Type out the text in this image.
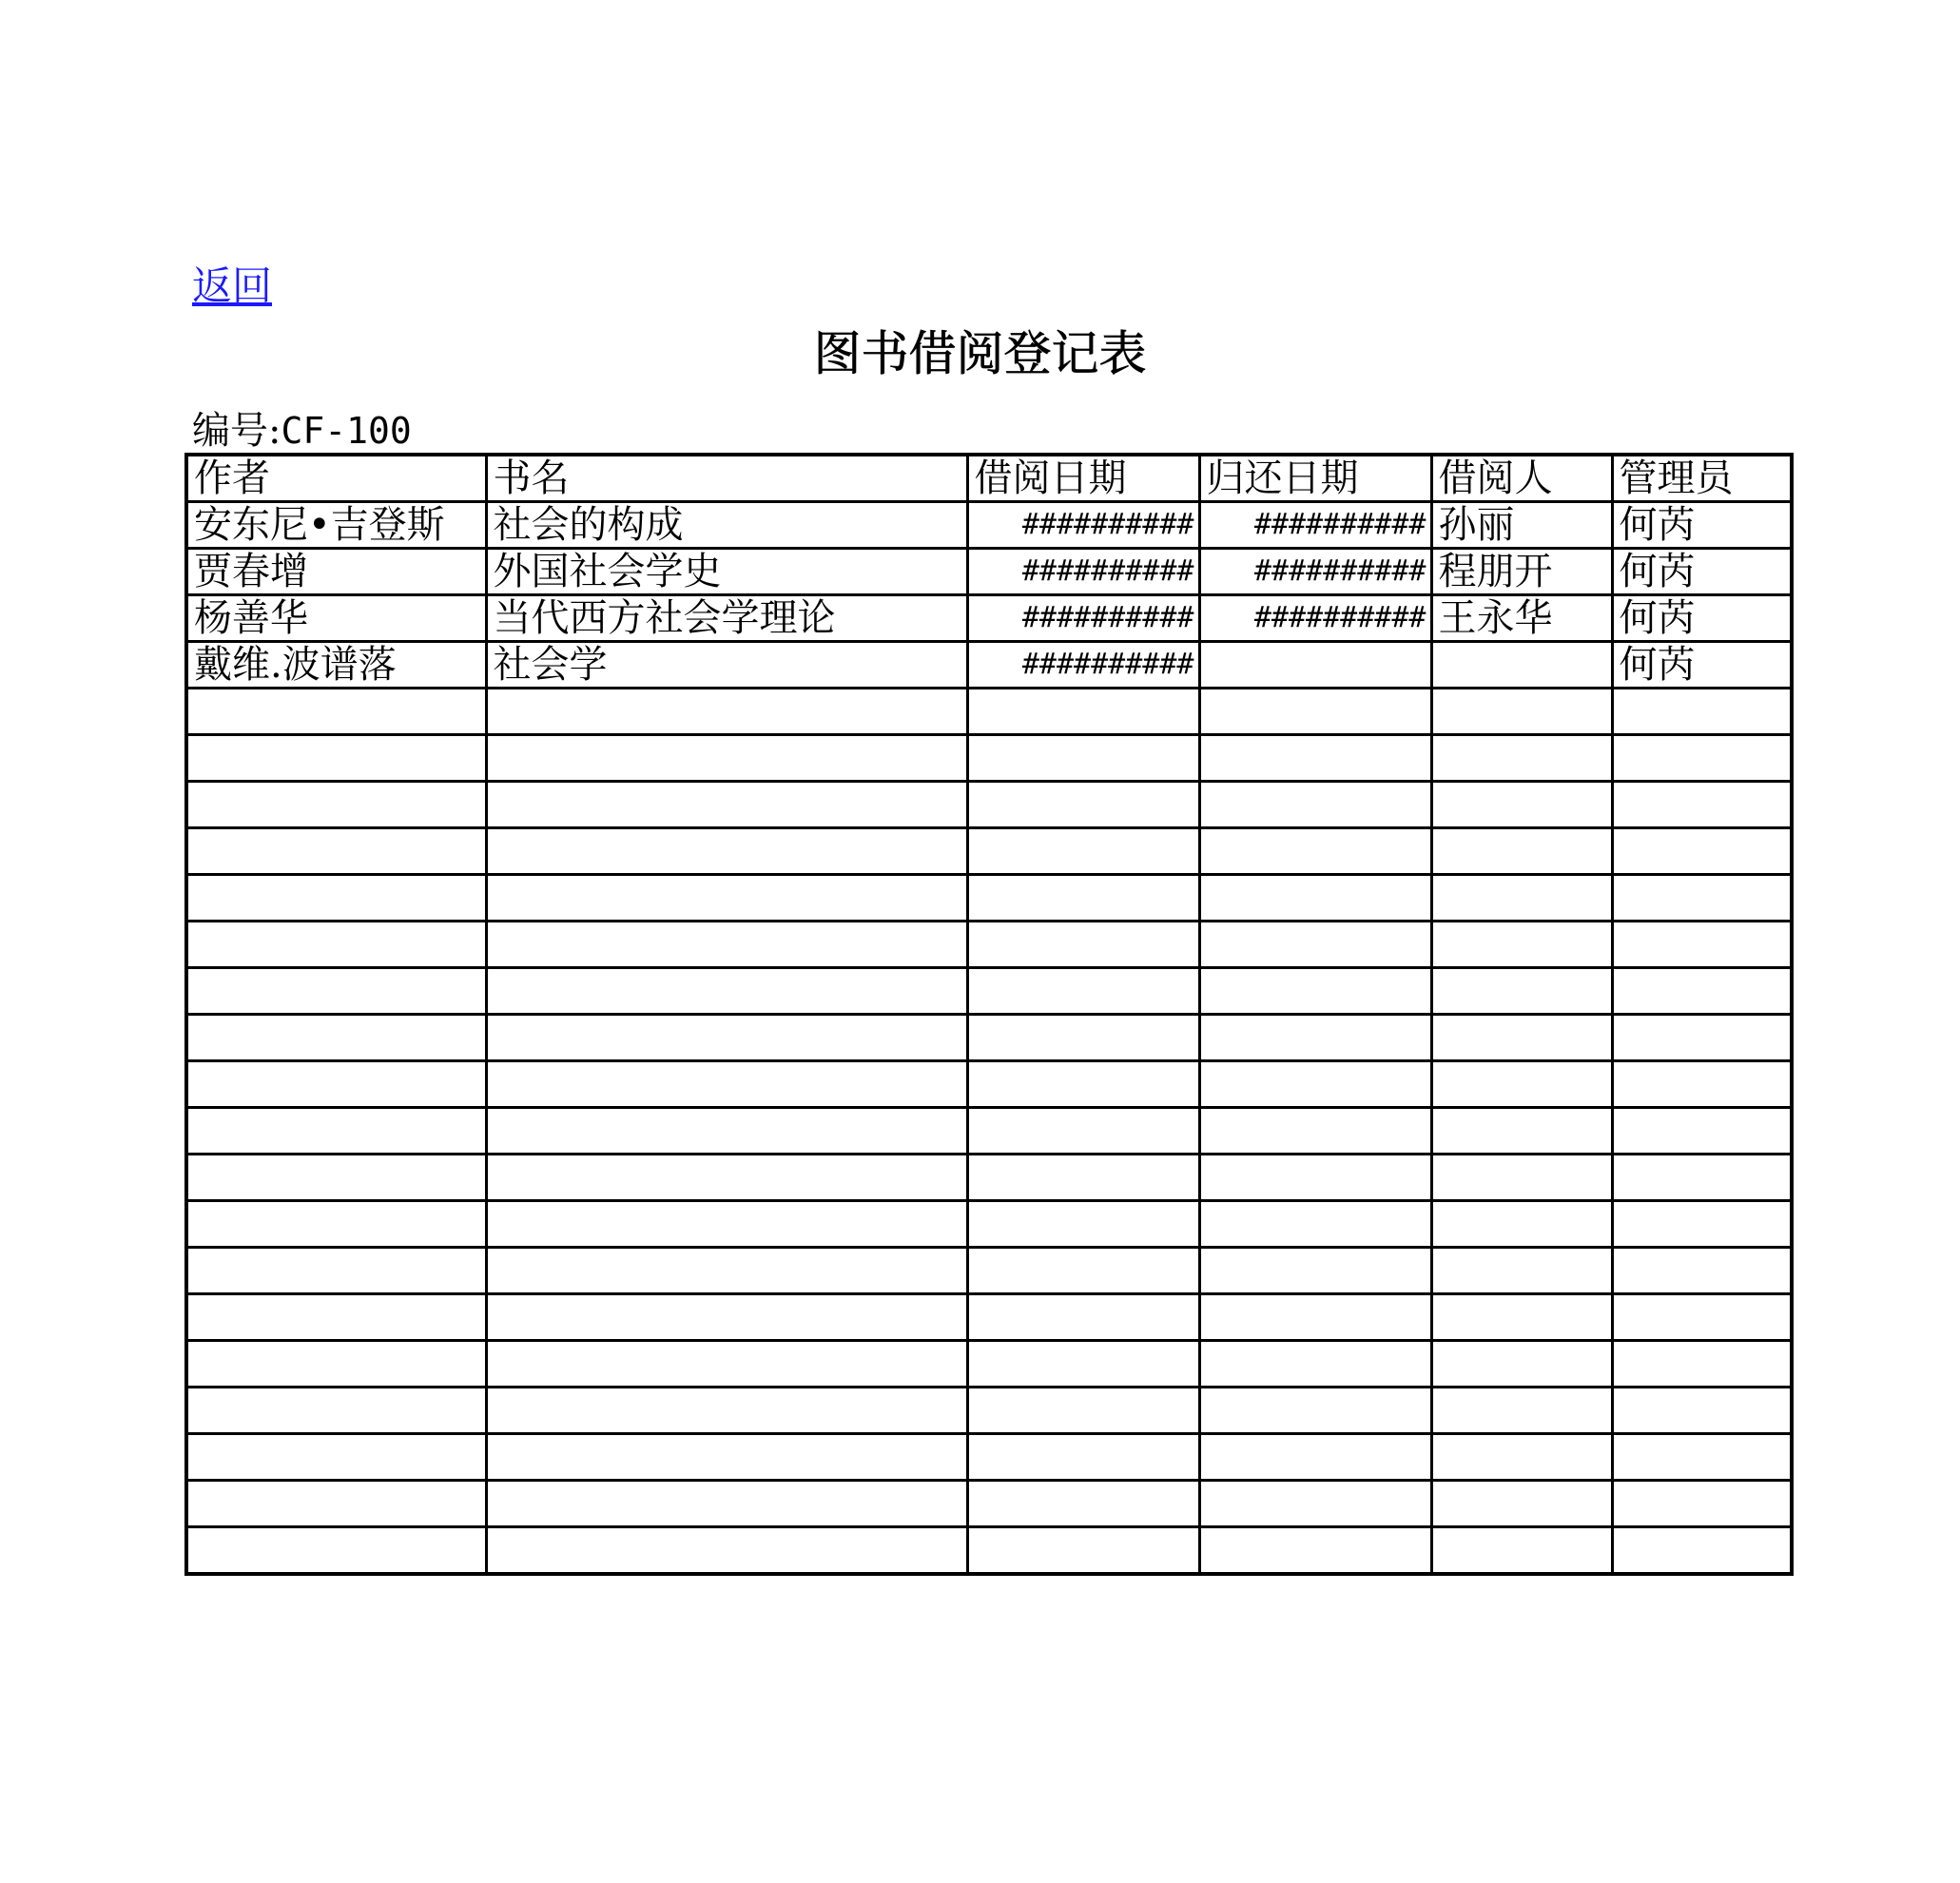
返回
图书借阅登记表
编号:CF-100
作者	书名	借阅日期	归还日期	借阅人	管理员
安东尼•吉登斯	社会的构成	##########	##########	孙丽	何芮
贾春增	外国社会学史	##########	##########	程朋开	何芮
杨善华	当代西方社会学理论	##########	##########	王永华	何芮
戴维.波谱落	社会学	##########			何芮
